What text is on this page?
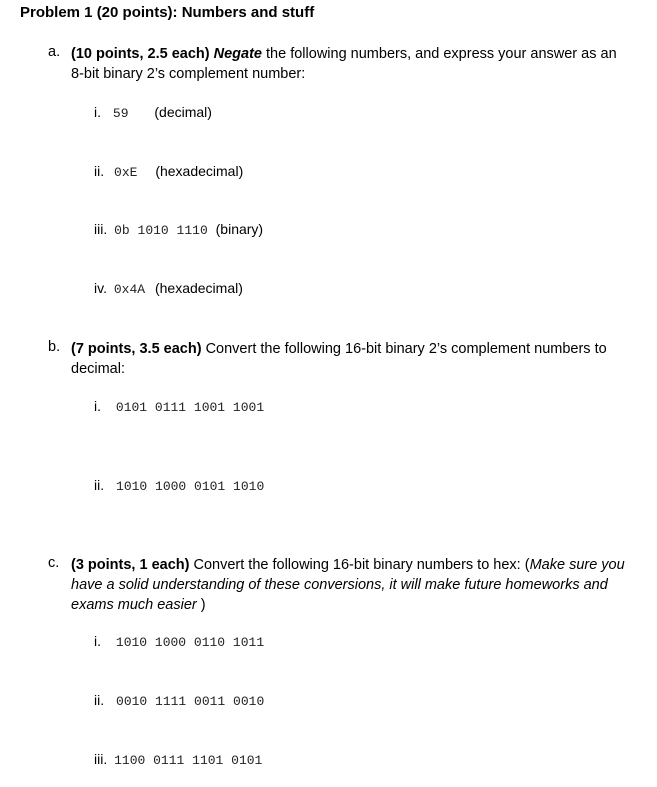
Problem 1 (20 points): Numbers and stuff
a. (10 points, 2.5 each) Negate the following numbers, and express your answer as an
8-bit binary 2’s complement number:
i. 59 (decimal)
ii. 0xE (hexadecimal)
iii. 0b 1010 1110 (binary)
iv. 0x4A (hexadecimal)
b. (7 points, 3.5 each) Convert the following 16-bit binary 2’s complement numbers to
decimal:
i. 0101 0111 1001 1001
ii. 1010 1000 0101 1010
c. (3 points, 1 each) Convert the following 16-bit binary numbers to hex: (Make sure you
have a solid understanding of these conversions, it will make future homeworks and
exams much easier )
i. 1010 1000 0110 1011
ii. 0010 1111 0011 0010
iii. 1100 0111 1101 0101
